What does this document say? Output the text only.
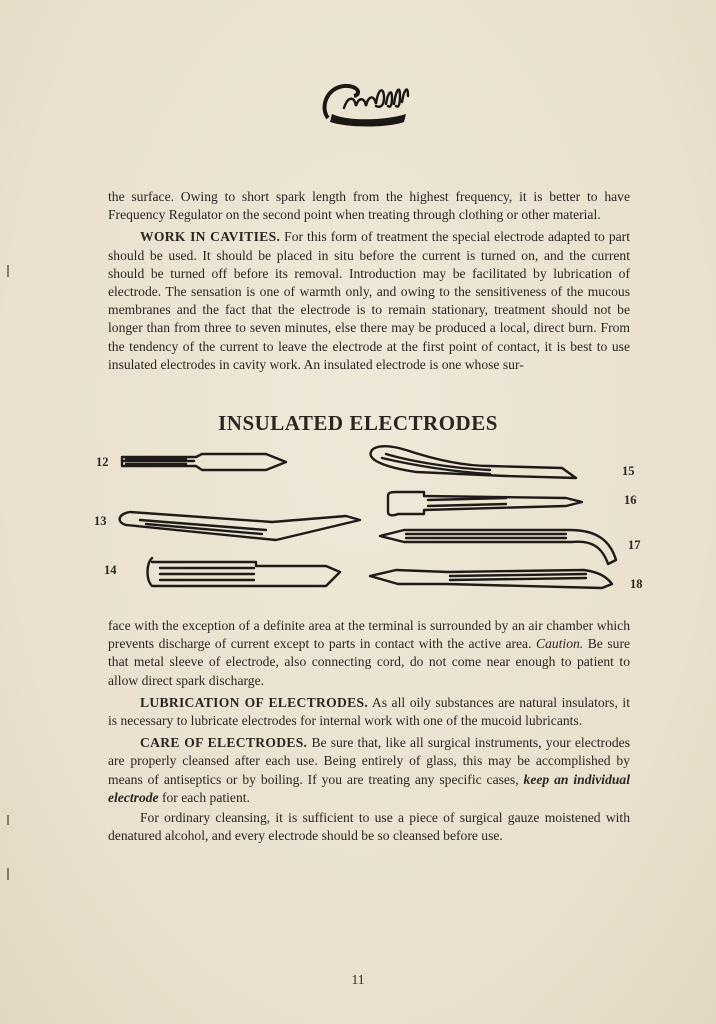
the surface. Owing to short spark length from the highest frequency, it is better to have Frequency Regulator on the second point when treating through clothing or other material.

WORK IN CAVITIES. For this form of treatment the special electrode adapted to part should be used. It should be placed in situ before the current is turned on, and the current should be turned off before its removal. Introduction may be facilitated by lubrication of electrode. The sensation is one of warmth only, and owing to the sensitiveness of the mucous membranes and the fact that the electrode is to remain stationary, treatment should not be longer than from three to seven minutes, else there may be produced a local, direct burn. From the tendency of the current to leave the electrode at the first point of contact, it is best to use insulated electrodes in cavity work. An insulated electrode is one whose sur-

INSULATED ELECTRODES
12
13
14
15
16
17
18

face with the exception of a definite area at the terminal is surrounded by an air chamber which prevents discharge of current except to parts in contact with the active area. Caution. Be sure that metal sleeve of electrode, also connecting cord, do not come near enough to patient to allow direct spark discharge.

LUBRICATION OF ELECTRODES. As all oily substances are natural insulators, it is necessary to lubricate electrodes for internal work with one of the mucoid lubricants.

CARE OF ELECTRODES. Be sure that, like all surgical instruments, your electrodes are properly cleansed after each use. Being entirely of glass, this may be accomplished by means of antiseptics or by boiling. If you are treating any specific cases, keep an individual electrode for each patient.

For ordinary cleansing, it is sufficient to use a piece of surgical gauze moistened with denatured alcohol, and every electrode should be so cleansed before use.

11
